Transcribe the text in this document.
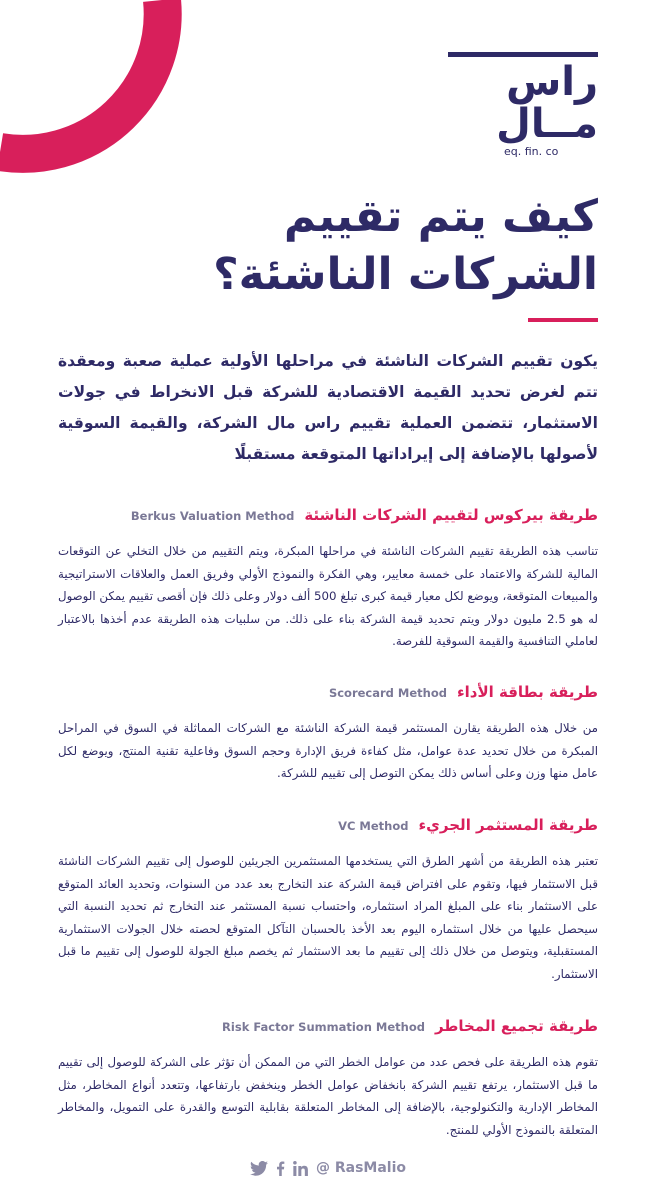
راس مــال
eq. fin. co
كيف يتم تقييم
الشركات الناشئة؟
يكون تقييم الشركات الناشئة في مراحلها الأولية عملية صعبة ومعقدة تتم لغرض تحديد القيمة الاقتصادية للشركة قبل الانخراط في جولات الاستثمار، تتضمن العملية تقييم راس مال الشركة، والقيمة السوقية لأصولها بالإضافة إلى إيراداتها المتوقعة مستقبلًا
طريقة بيركوس لتقييم الشركات الناشئة
Berkus Valuation Method
تناسب هذه الطريقة تقييم الشركات الناشئة في مراحلها المبكرة، ويتم التقييم من خلال التخلي عن التوقعات المالية للشركة والاعتماد على خمسة معايير، وهي الفكرة والنموذج الأولي وفريق العمل والعلاقات الاستراتيجية والمبيعات المتوقعة، ويوضع لكل معيار قيمة كبرى تبلغ 500 ألف دولار وعلى ذلك فإن أقصى تقييم يمكن الوصول له هو 2.5 مليون دولار ويتم تحديد قيمة الشركة بناء على ذلك. من سلبيات هذه الطريقة عدم أخذها بالاعتبار لعاملي التنافسية والقيمة السوقية للفرصة.
طريقة بطاقة الأداء
Scorecard Method
من خلال هذه الطريقة يقارن المستثمر قيمة الشركة الناشئة مع الشركات المماثلة في السوق في المراحل المبكرة من خلال تحديد عدة عوامل، مثل كفاءة فريق الإدارة وحجم السوق وفاعلية تقنية المنتج، ويوضع لكل عامل منها وزن وعلى أساس ذلك يمكن التوصل إلى تقييم للشركة.
طريقة المستثمر الجريء
VC Method
تعتبر هذه الطريقة من أشهر الطرق التي يستخدمها المستثمرين الجريئين للوصول إلى تقييم الشركات الناشئة قبل الاستثمار فيها، وتقوم على افتراض قيمة الشركة عند التخارج بعد عدد من السنوات، وتحديد العائد المتوقع على الاستثمار بناء على المبلغ المراد استثماره، واحتساب نسبة المستثمر عند التخارج ثم تحديد النسبة التي سيحصل عليها من خلال استثماره اليوم بعد الأخذ بالحسبان التآكل المتوقع لحصته خلال الجولات الاستثمارية المستقبلية، ويتوصل من خلال ذلك إلى تقييم ما بعد الاستثمار ثم يخصم مبلغ الجولة للوصول إلى تقييم ما قبل الاستثمار.
طريقة تجميع المخاطر
Risk Factor Summation Method
تقوم هذه الطريقة على فحص عدد من عوامل الخطر التي من الممكن أن تؤثر على الشركة للوصول إلى تقييم ما قبل الاستثمار، يرتفع تقييم الشركة بانخفاض عوامل الخطر وينخفض بارتفاعها، وتتعدد أنواع المخاطر، مثل المخاطر الإدارية والتكنولوجية، بالإضافة إلى المخاطر المتعلقة بقابلية التوسع والقدرة على التمويل، والمخاطر المتعلقة بالنموذج الأولي للمنتج.
@ RasMalio
